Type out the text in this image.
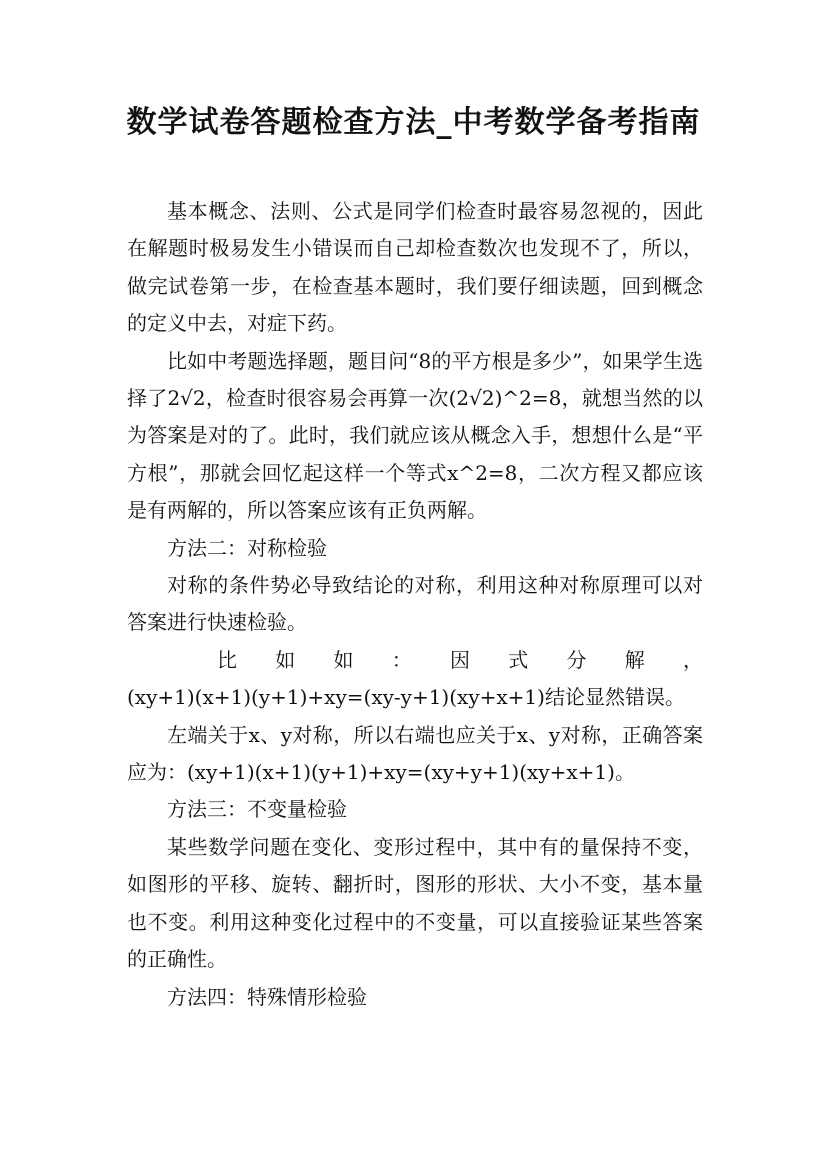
数学试卷答题检查方法_中考数学备考指南

基本概念、法则、公式是同学们检查时最容易忽视的，因此在解题时极易发生小错误而自己却检查数次也发现不了，所以，做完试卷第一步，在检查基本题时，我们要仔细读题，回到概念的定义中去，对症下药。

比如中考题选择题，题目问“8的平方根是多少”，如果学生选择了2√2，检查时很容易会再算一次(2√2)^2=8，就想当然的以为答案是对的了。此时，我们就应该从概念入手，想想什么是“平方根”，那就会回忆起这样一个等式x^2=8，二次方程又都应该是有两解的，所以答案应该有正负两解。

方法二：对称检验

对称的条件势必导致结论的对称，利用这种对称原理可以对答案进行快速检验。

比 如 如 ： 因 式 分 解 ，

(xy+1)(x+1)(y+1)+xy=(xy-y+1)(xy+x+1)结论显然错误。

左端关于x、y对称，所以右端也应关于x、y对称，正确答案应为：(xy+1)(x+1)(y+1)+xy=(xy+y+1)(xy+x+1)。

方法三：不变量检验

某些数学问题在变化、变形过程中，其中有的量保持不变，如图形的平移、旋转、翻折时，图形的形状、大小不变，基本量也不变。利用这种变化过程中的不变量，可以直接验证某些答案的正确性。

方法四：特殊情形检验
